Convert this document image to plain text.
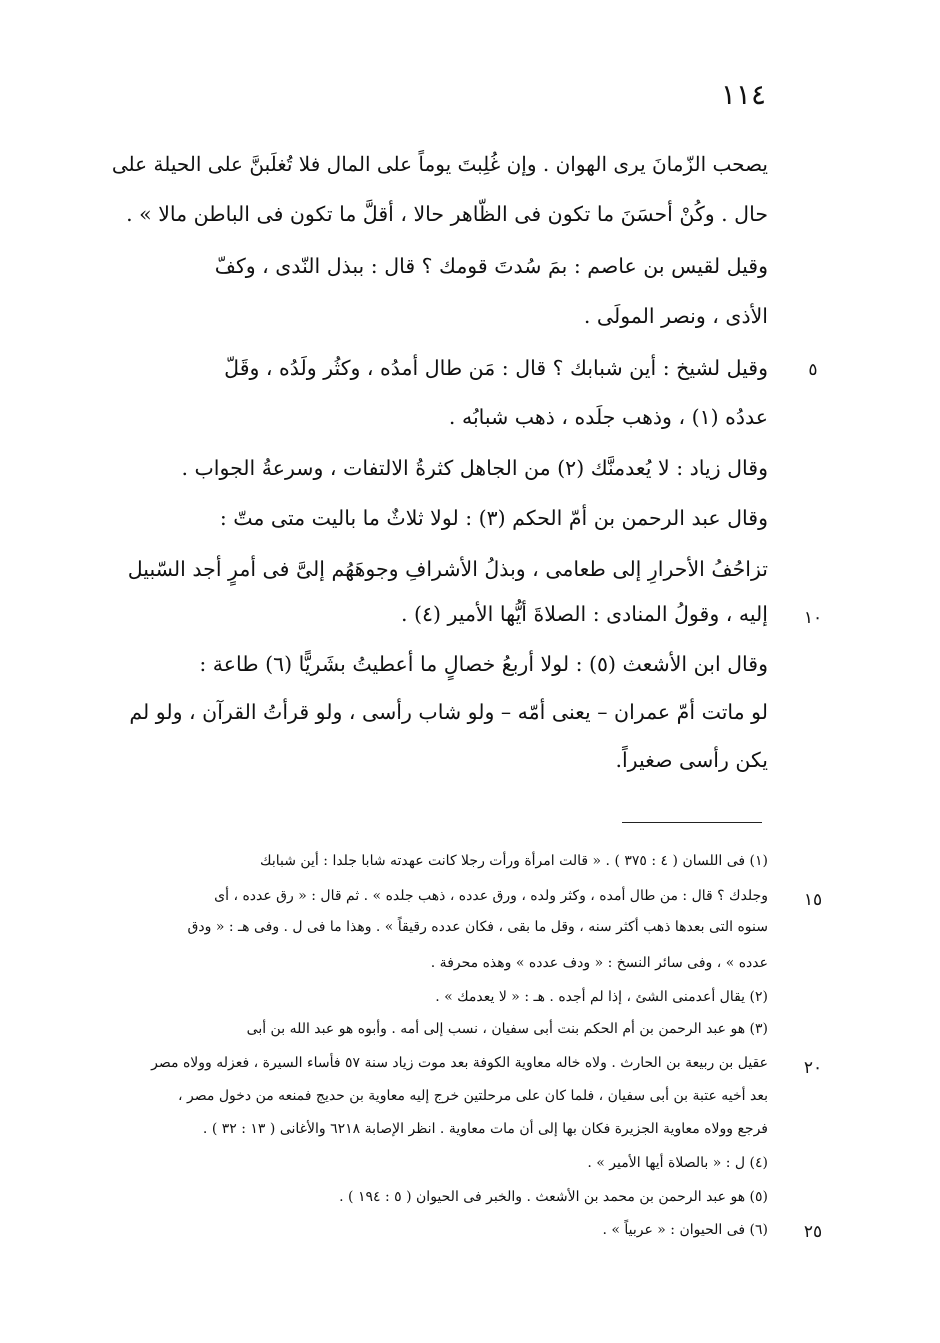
١١٤
يصحب الزّمانَ يرى الهوان . وإن غُلِبتَ يوماً على المال فلا تُغلَبنَّ على الحيلة على
حال . وكُنْ أحسَنَ ما تكون فى الظّاهر حالا ، أقلَّ ما تكون فى الباطن مالا » .
وقيل لقيس بن عاصم : بمَ سُدتَ قومك ؟ قال : ببذل النّدى ، وكفّ
الأذى ، ونصر المولَى .
وقيل لشيخ : أين شبابك ؟ قال : مَن طال أمدُه ، وكثُر ولَدُه ، وقَلّ
عددُه (١) ، وذهب جلَده ، ذهب شبابُه .
وقال زياد : لا يُعدمنَّك (٢) من الجاهل كثرةُ الالتفات ، وسرعةُ الجواب .
وقال عبد الرحمن بن أمّ الحكم (٣) : لولا ثلاثٌ ما باليت متى متّ :
تزاحُفُ الأحرارِ إلى طعامى ، وبذلُ الأشرافِ وجوهَهُم إلىَّ فى أمرٍ أجد السّبيل
إليه ، وقولُ المنادى : الصلاةَ أيُّها الأمير (٤) .
وقال ابن الأشعث (٥) : لولا أربعُ خصالٍ ما أعطيتُ بشَريًّا (٦) طاعة :
لو ماتت أمّ عمران – يعنى أمّه – ولو شاب رأسى ، ولو قرأتُ القرآن ، ولو لم
يكن رأسى صغيراً.
٥
١٠
١٥
٢٠
٢٥
(١) فى اللسان ( ٤ : ٣٧٥ ) . « قالت امرأة ورأت رجلا كانت عهدته شابا جلدا : أين شبابك
وجلدك ؟ قال : من طال أمده ، وكثر ولده ، ورق عدده ، ذهب جلده » . ثم قال : « رق عدده ، أى
سنوه التى بعدها ذهب أكثر سنه ، وقل ما بقى ، فكان عدده رقيقاً » . وهذا ما فى ل . وفى هـ : « ودق
عدده » ، وفى سائر النسخ : « ودف عدده » وهذه محرفة .
(٢) يقال أعدمنى الشئ ، إذا لم أجده . هـ : « لا يعدمك » .
(٣) هو عبد الرحمن بن أم الحكم بنت أبى سفيان ، نسب إلى أمه . وأبوه هو عبد الله بن أبى
عقيل بن ربيعة بن الحارث . ولاه خاله معاوية الكوفة بعد موت زياد سنة ٥٧ فأساء السيرة ، فعزله وولاه مصر
بعد أخيه عتبة بن أبى سفيان ، فلما كان على مرحلتين خرج إليه معاوية بن حديج فمنعه من دخول مصر ،
فرجع وولاه معاوية الجزيرة فكان بها إلى أن مات معاوية . انظر الإصابة ٦٢١٨ والأغانى ( ١٣ : ٣٢ ) .
(٤) ل : « بالصلاة أيها الأمير » .
(٥) هو عبد الرحمن بن محمد بن الأشعث . والخبر فى الحيوان ( ٥ : ١٩٤ ) .
(٦) فى الحيوان : « عربياً » .
